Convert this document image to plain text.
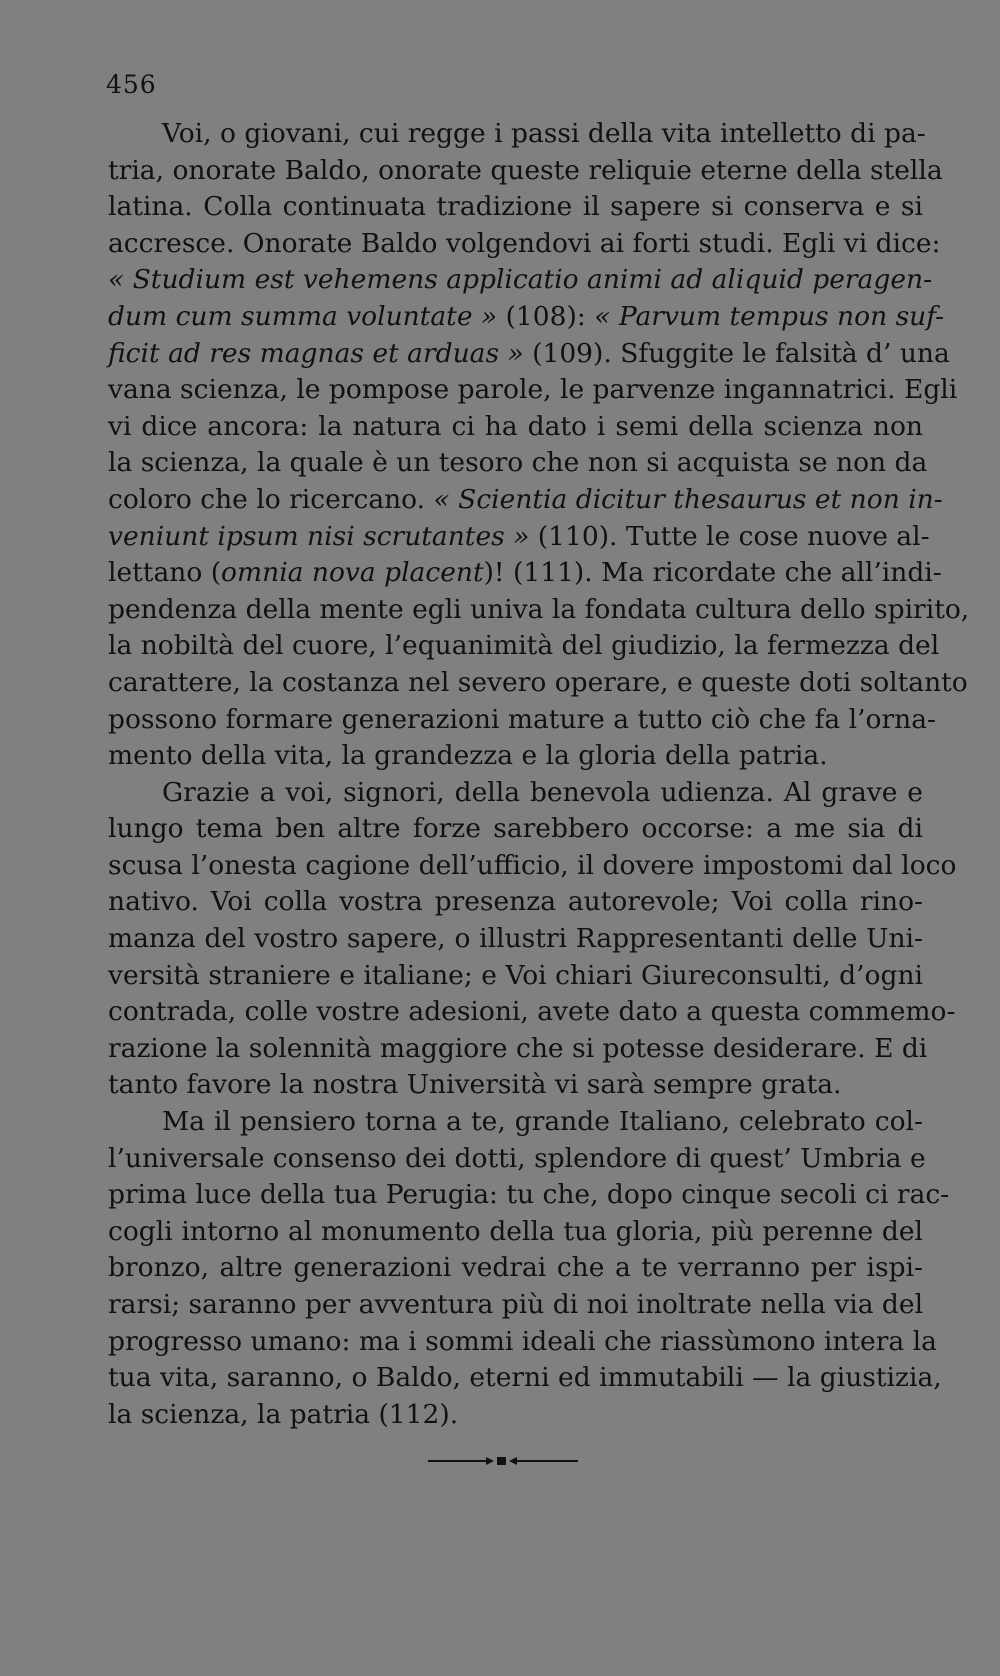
456
Voi, o giovani, cui regge i passi della vita intelletto di pa-
tria, onorate Baldo, onorate queste reliquie eterne della stella
latina. Colla continuata tradizione il sapere si conserva e si
accresce. Onorate Baldo volgendovi ai forti studi. Egli vi dice:
« Studium est vehemens applicatio animi ad aliquid peragen-
dum cum summa voluntate » (108): « Parvum tempus non suf-
ficit ad res magnas et arduas » (109). Sfuggite le falsità d’ una
vana scienza, le pompose parole, le parvenze ingannatrici. Egli
vi dice ancora: la natura ci ha dato i semi della scienza non
la scienza, la quale è un tesoro che non si acquista se non da
coloro che lo ricercano. « Scientia dicitur thesaurus et non in-
veniunt ipsum nisi scrutantes » (110). Tutte le cose nuove al-
lettano (omnia nova placent)! (111). Ma ricordate che all’indi-
pendenza della mente egli univa la fondata cultura dello spirito,
la nobiltà del cuore, l’equanimità del giudizio, la fermezza del
carattere, la costanza nel severo operare, e queste doti soltanto
possono formare generazioni mature a tutto ciò che fa l’orna-
mento della vita, la grandezza e la gloria della patria.
Grazie a voi, signori, della benevola udienza. Al grave e
lungo tema ben altre forze sarebbero occorse: a me sia di
scusa l’onesta cagione dell’ufficio, il dovere impostomi dal loco
nativo. Voi colla vostra presenza autorevole; Voi colla rino-
manza del vostro sapere, o illustri Rappresentanti delle Uni-
versità straniere e italiane; e Voi chiari Giureconsulti, d’ogni
contrada, colle vostre adesioni, avete dato a questa commemo-
razione la solennità maggiore che si potesse desiderare. E di
tanto favore la nostra Università vi sarà sempre grata.
Ma il pensiero torna a te, grande Italiano, celebrato col-
l’universale consenso dei dotti, splendore di quest’ Umbria e
prima luce della tua Perugia: tu che, dopo cinque secoli ci rac-
cogli intorno al monumento della tua gloria, più perenne del
bronzo, altre generazioni vedrai che a te verranno per ispi-
rarsi; saranno per avventura più di noi inoltrate nella via del
progresso umano: ma i sommi ideali che riassùmono intera la
tua vita, saranno, o Baldo, eterni ed immutabili — la giustizia,
la scienza, la patria (112).
